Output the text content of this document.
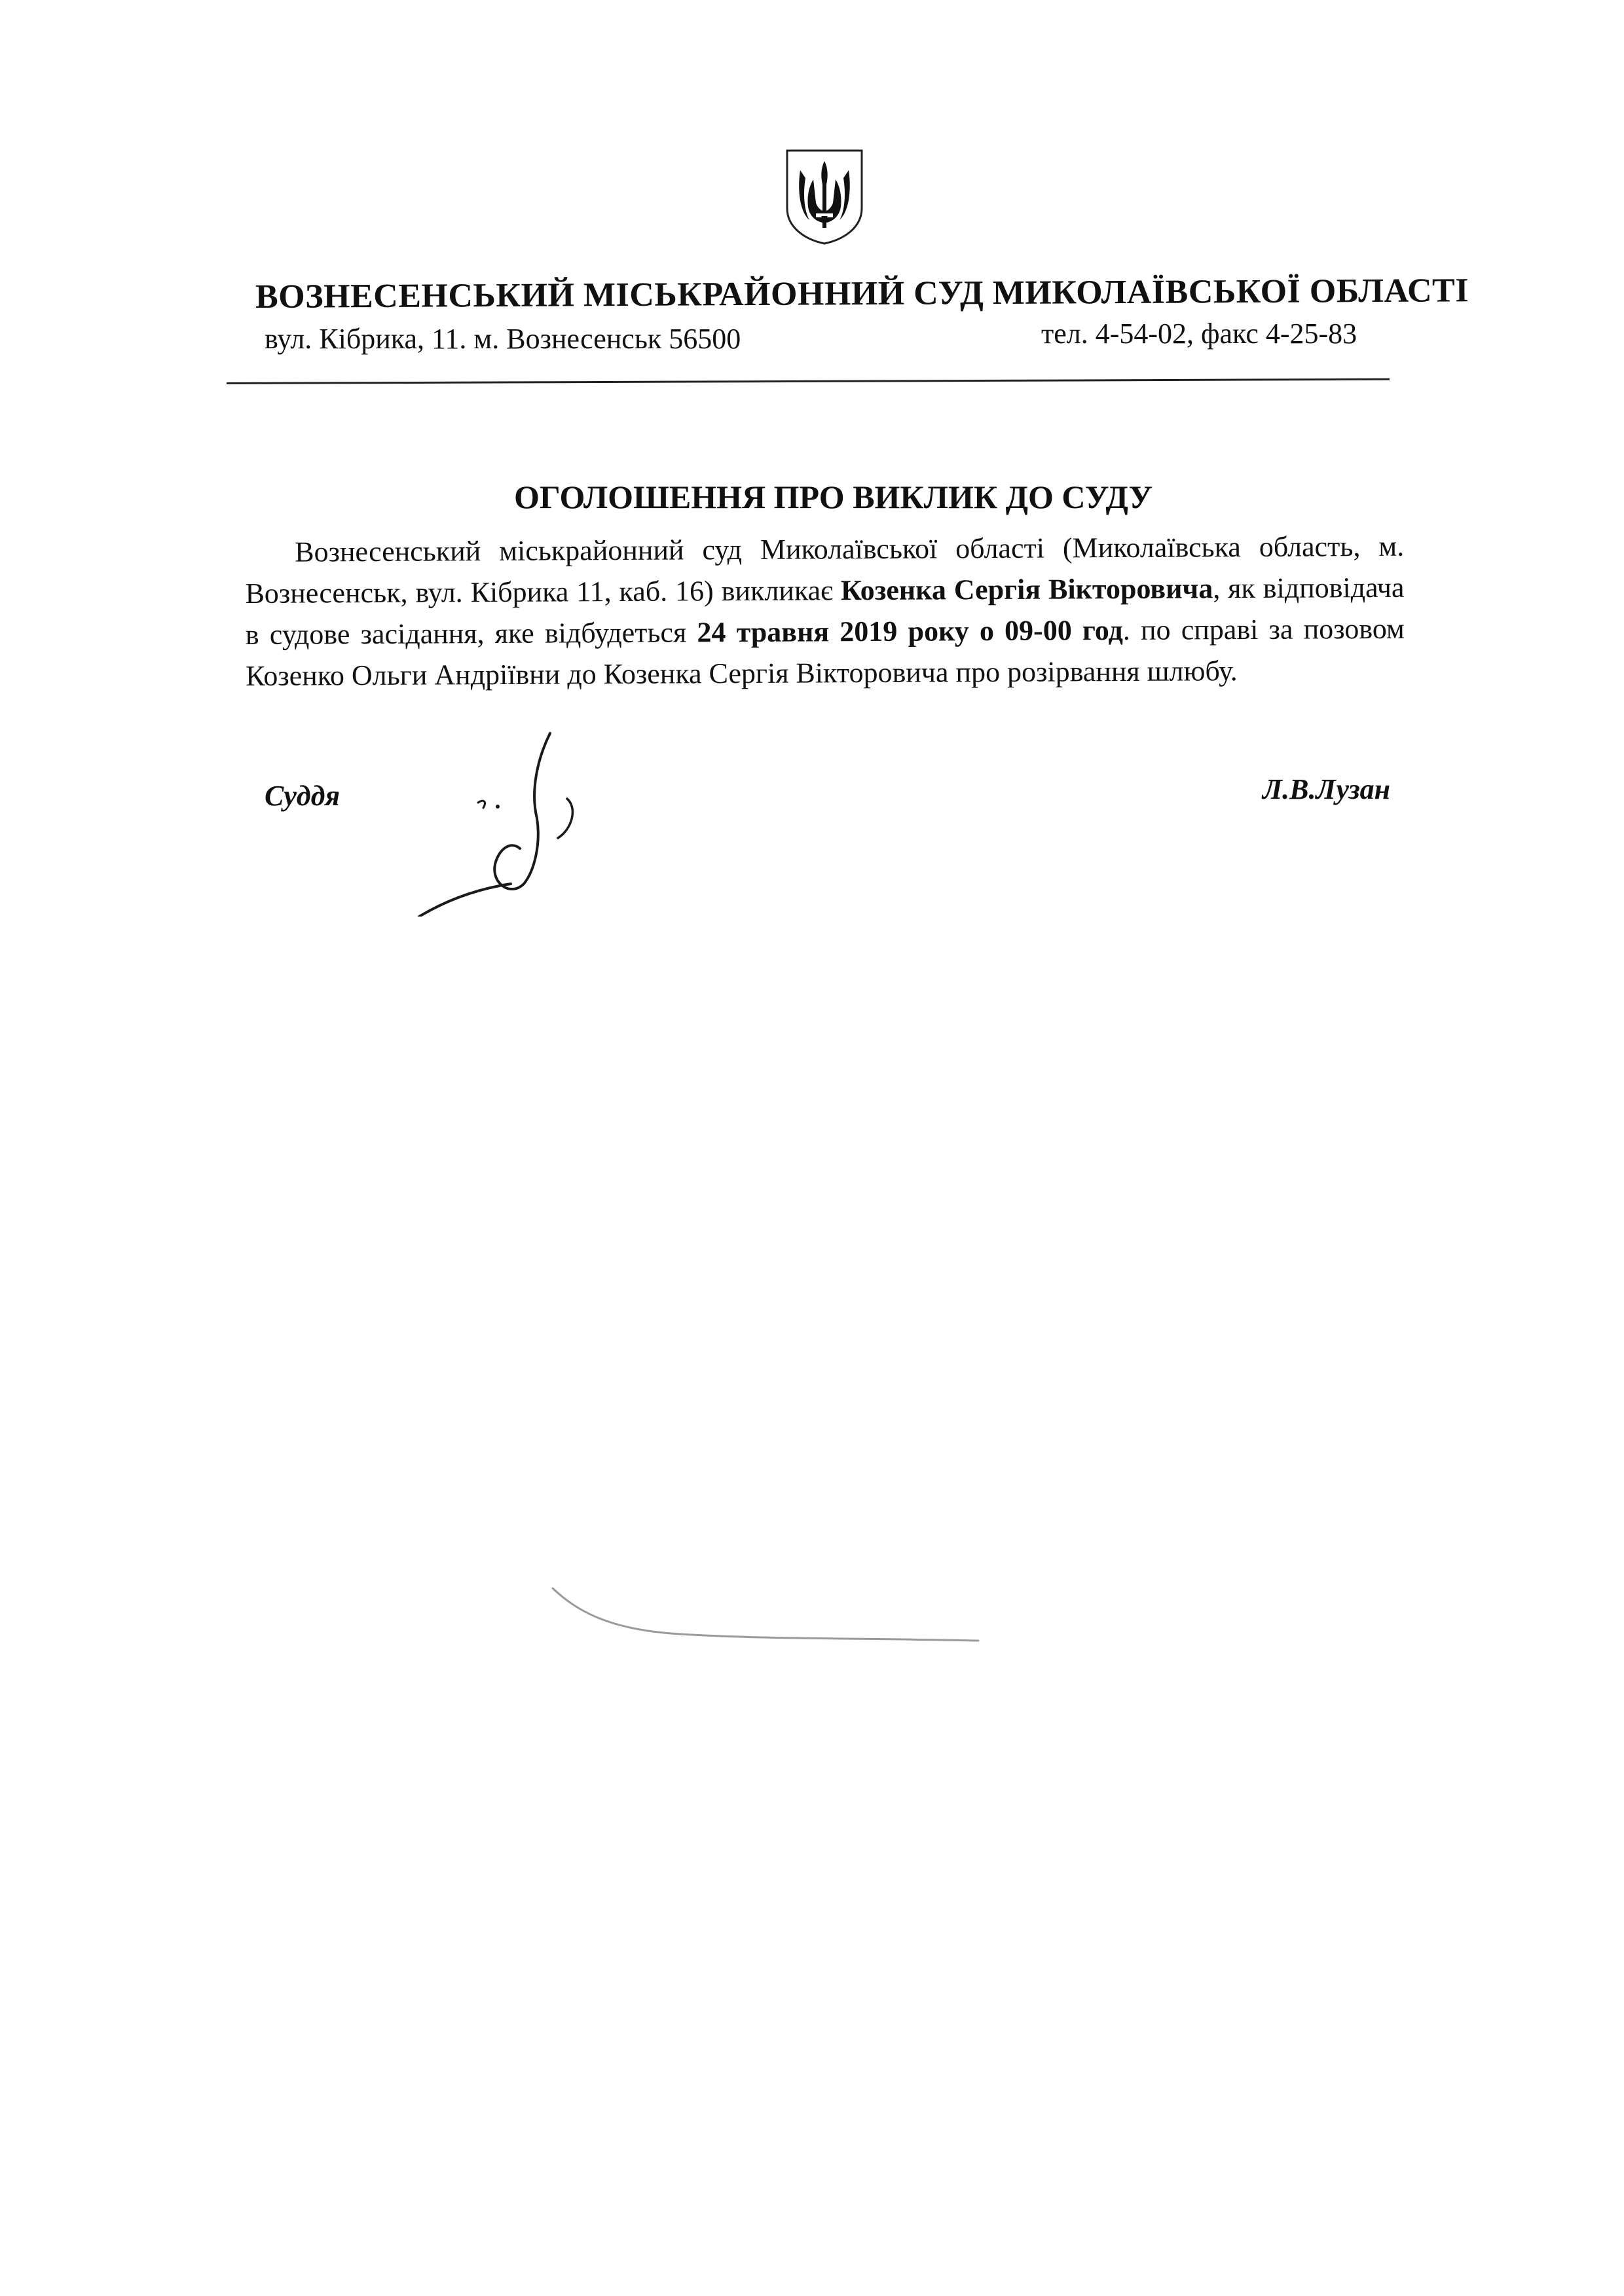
ВОЗНЕСЕНСЬКИЙ МІСЬКРАЙОННИЙ СУД МИКОЛАЇВСЬКОЇ ОБЛАСТІ
вул. Кібрика, 11. м. Вознесенськ 56500	тел. 4-54-02, факс 4-25-83
ОГОЛОШЕННЯ ПРО ВИКЛИК ДО СУДУ
Вознесенський міськрайонний суд Миколаївської області (Миколаївська область, м. Вознесенськ, вул. Кібрика 11, каб. 16) викликає Козенка Сергія Вікторовича, як відповідача в судове засідання, яке відбудеться 24 травня 2019 року о 09-00 год. по справі за позовом Козенко Ольги Андріївни до Козенка Сергія Вікторовича про розірвання шлюбу.
Суддя	Л.В.Лузан
